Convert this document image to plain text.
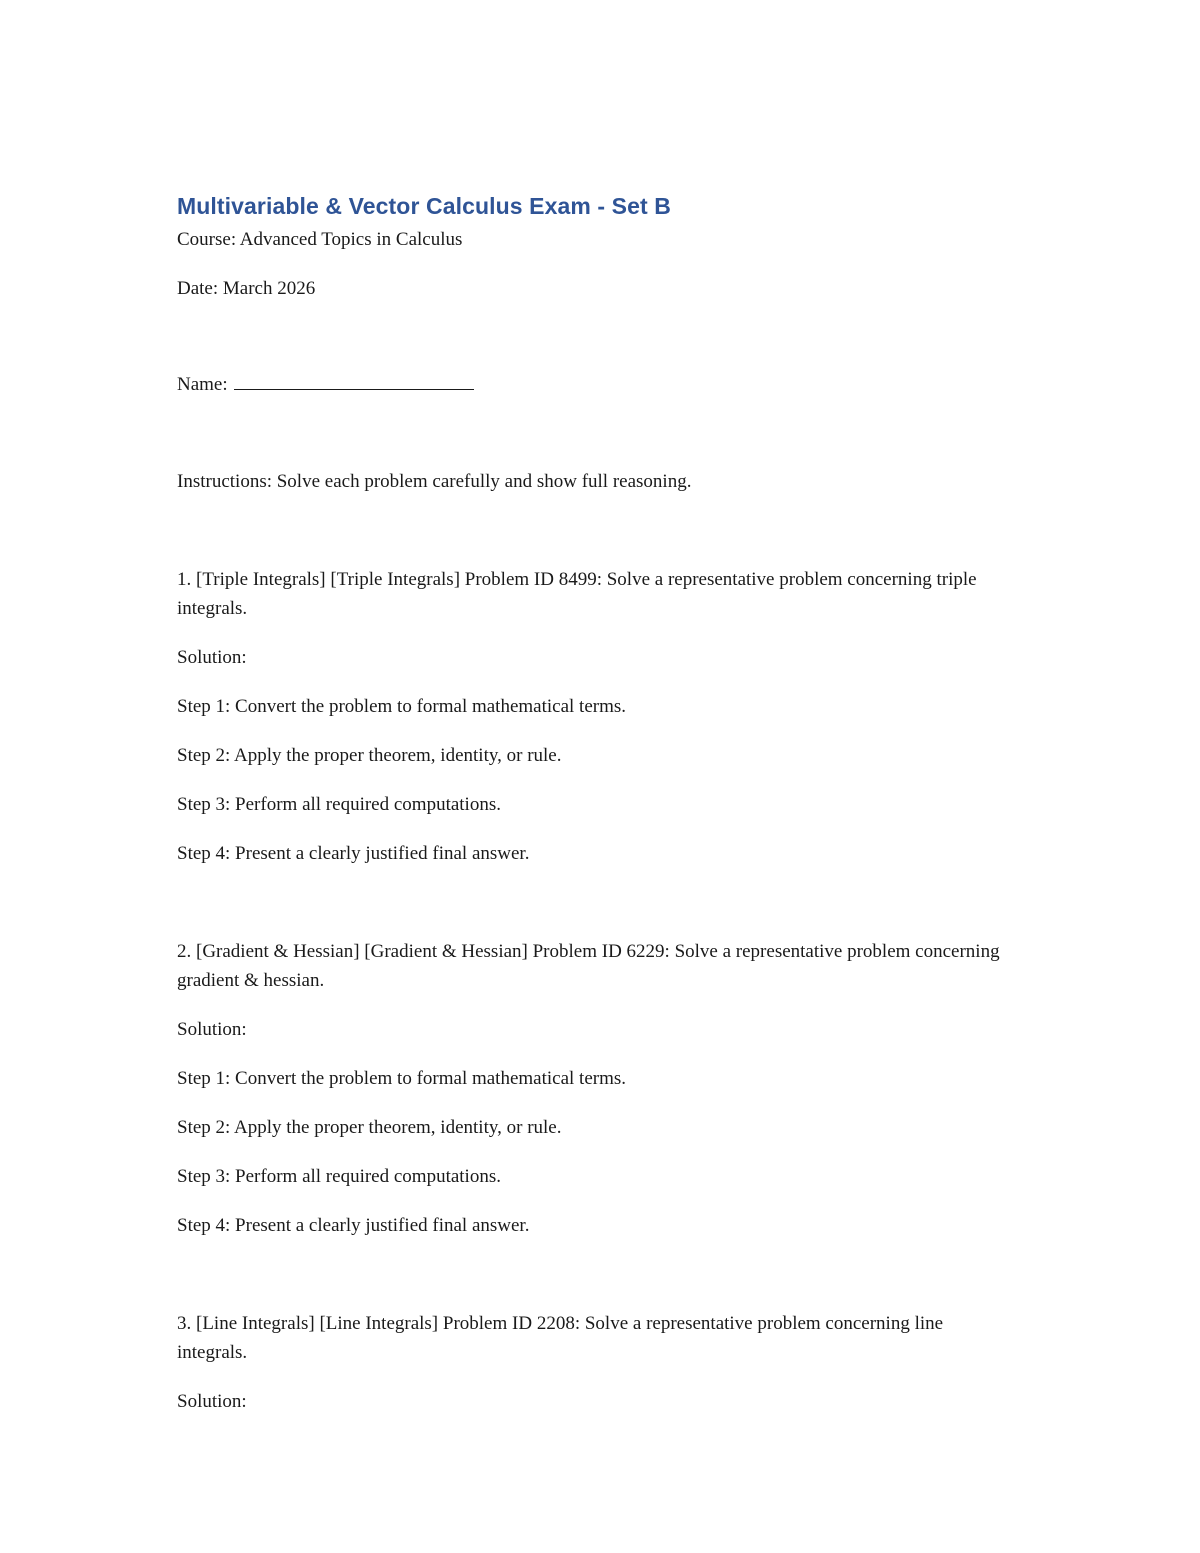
Multivariable & Vector Calculus Exam - Set B

Course: Advanced Topics in Calculus

Date: March 2026

Name:

Instructions: Solve each problem carefully and show full reasoning.

1. [Triple Integrals] [Triple Integrals] Problem ID 8499: Solve a representative problem concerning triple integrals.

Solution:

Step 1: Convert the problem to formal mathematical terms.

Step 2: Apply the proper theorem, identity, or rule.

Step 3: Perform all required computations.

Step 4: Present a clearly justified final answer.

2. [Gradient & Hessian] [Gradient & Hessian] Problem ID 6229: Solve a representative problem concerning gradient & hessian.

Solution:

Step 1: Convert the problem to formal mathematical terms.

Step 2: Apply the proper theorem, identity, or rule.

Step 3: Perform all required computations.

Step 4: Present a clearly justified final answer.

3. [Line Integrals] [Line Integrals] Problem ID 2208: Solve a representative problem concerning line integrals.

Solution:
